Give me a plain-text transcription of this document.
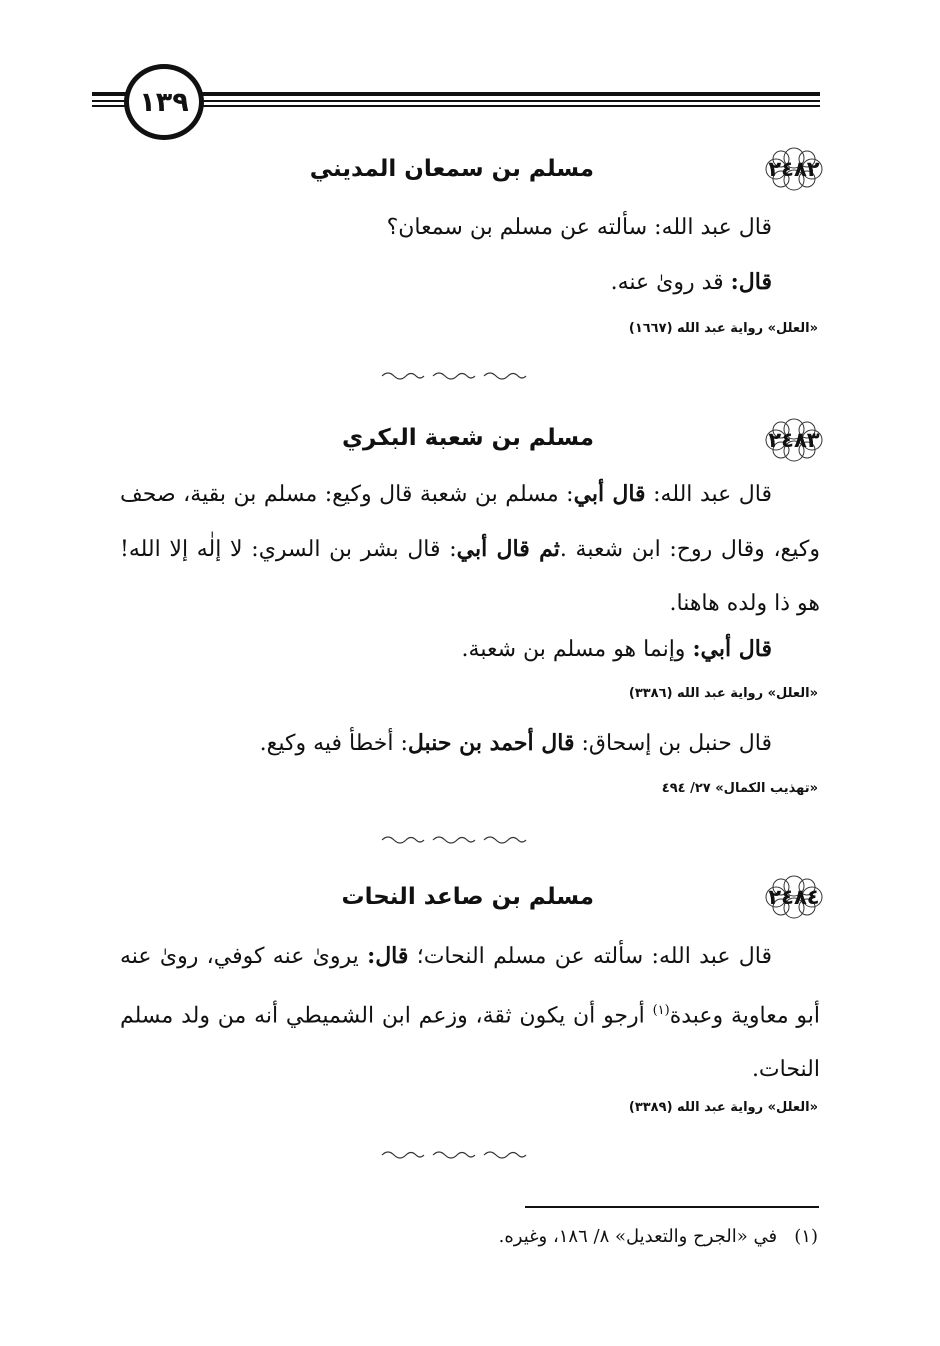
١٣٩
٢٤٨٢
مسلم بن سمعان المديني
قال عبد الله: سألته عن مسلم بن سمعان؟
قال: قد رویٰ عنه.
«العلل» رواية عبد الله (١٦٦٧)
٢٤٨٣
مسلم بن شعبة البكري
قال عبد الله: قال أبي: مسلم بن شعبة قال وكيع: مسلم بن بقية، صحف وكيع، وقال روح: ابن شعبة .ثم قال أبي: قال بشر بن السري: لا إلٰه إلا الله! هو ذا ولده هاهنا.
قال أبي: وإنما هو مسلم بن شعبة.
«العلل» رواية عبد الله (٣٣٨٦)
قال حنبل بن إسحاق: قال أحمد بن حنبل: أخطأ فيه وكيع.
«تهذيب الكمال» ٢٧/ ٤٩٤
٢٤٨٤
مسلم بن صاعد النحات
قال عبد الله: سألته عن مسلم النحات؛ قال: يرویٰ عنه كوفي، رویٰ عنه أبو معاوية وعبدة$^{(١)}$ أرجو أن يكون ثقة، وزعم ابن الشميطي أنه من ولد مسلم النحات.
«العلل» رواية عبد الله (٣٣٨٩)
(١)   في «الجرح والتعديل» ٨/ ١٨٦، وغيره.
